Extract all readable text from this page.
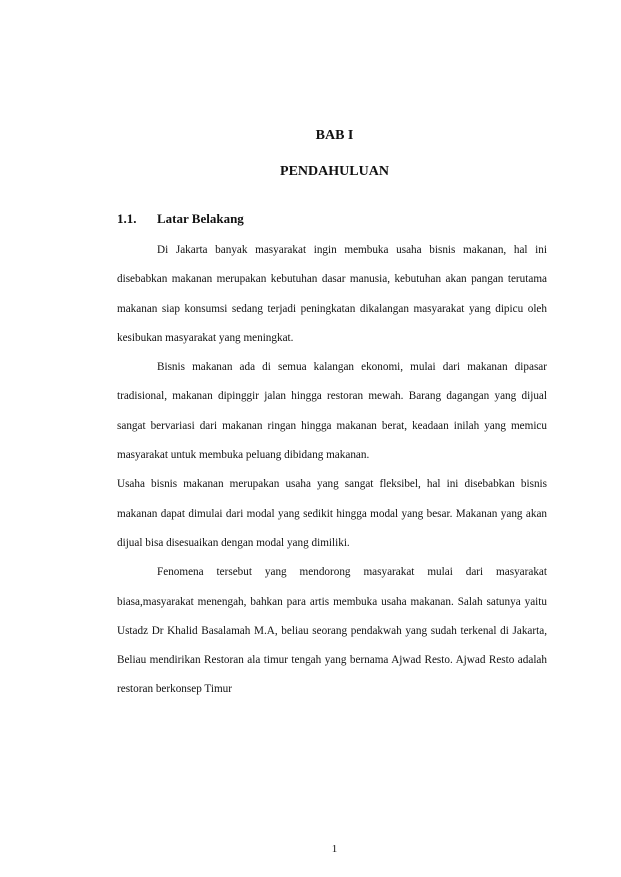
BAB I
PENDAHULUAN
1.1. Latar Belakang

Di Jakarta banyak masyarakat ingin membuka usaha bisnis makanan, hal ini disebabkan makanan merupakan kebutuhan dasar manusia, kebutuhan akan pangan terutama makanan siap konsumsi sedang terjadi peningkatan dikalangan masyarakat yang dipicu oleh kesibukan masyarakat yang meningkat.

Bisnis makanan ada di semua kalangan ekonomi, mulai dari makanan dipasar tradisional, makanan dipinggir jalan hingga restoran mewah. Barang dagangan yang dijual sangat bervariasi dari makanan ringan hingga makanan berat, keadaan inilah yang memicu masyarakat untuk membuka peluang dibidang makanan.

Usaha bisnis makanan merupakan usaha yang sangat fleksibel, hal ini disebabkan bisnis makanan dapat dimulai dari modal yang sedikit hingga modal yang besar. Makanan yang akan dijual bisa disesuaikan dengan modal yang dimiliki.

Fenomena tersebut yang mendorong masyarakat mulai dari masyarakat biasa,masyarakat menengah, bahkan para artis membuka usaha makanan. Salah satunya yaitu Ustadz Dr Khalid Basalamah M.A, beliau seorang pendakwah yang sudah terkenal di Jakarta, Beliau mendirikan Restoran ala timur tengah yang bernama Ajwad Resto. Ajwad Resto adalah restoran berkonsep Timur

1
